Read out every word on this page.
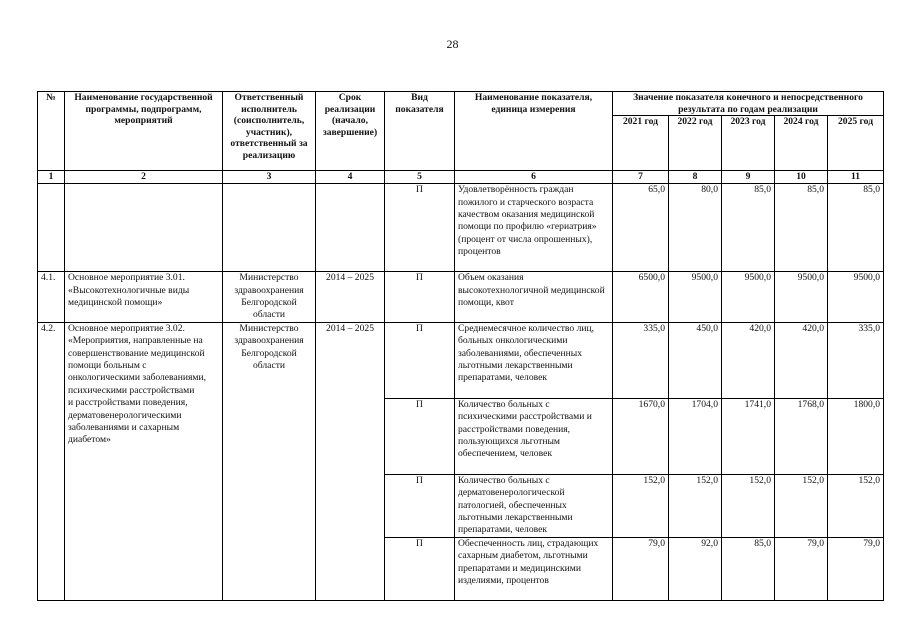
28
№	Наименование государственной программы, подпрограмм, мероприятий	Ответственный исполнитель (соисполнитель, участник), ответственный за реализацию	Срок реализации (начало, завершение)	Вид показателя	Наименование показателя, единица измерения	Значение показателя конечного и непосредственного результата по годам реализации				
						2021 год	2022 год	2023 год	2024 год	2025 год
1	2	3	4	5	6	7	8	9	10	11
				П	Удовлетворённость граждан пожилого и старческого возраста качеством оказания медицинской помощи по профилю «гериатрия» (процент от числа опрошенных), процентов	65,0	80,0	85,0	85,0	85,0
4.1.	Основное мероприятие 3.01. «Высокотехнологичные виды медицинской помощи»	Министерство здравоохранения Белгородской области	2014 – 2025	П	Объем оказания высокотехнологичной медицинской помощи, квот	6500,0	9500,0	9500,0	9500,0	9500,0
4.2.	Основное мероприятие 3.02. «Мероприятия, направленные на совершенствование медицинской помощи больным с онкологическими заболеваниями, психическими расстройствами
и расстройствами поведения, дерматовенерологическими заболеваниями и сахарным диабетом»	Министерство здравоохранения Белгородской области	2014 – 2025	П	Среднемесячное количество лиц, больных онкологическими заболеваниями, обеспеченных льготными лекарственными препаратами, человек	335,0	450,0	420,0	420,0	335,0
				П	Количество больных с психическими расстройствами и расстройствами поведения, пользующихся льготным обеспечением, человек	1670,0	1704,0	1741,0	1768,0	1800,0
				П	Количество больных с дерматовенерологической патологией, обеспеченных льготными лекарственными препаратами, человек	152,0	152,0	152,0	152,0	152,0
				П	Обеспеченность лиц, страдающих сахарным диабетом, льготными препаратами и медицинскими изделиями, процентов	79,0	92,0	85,0	79,0	79,0
